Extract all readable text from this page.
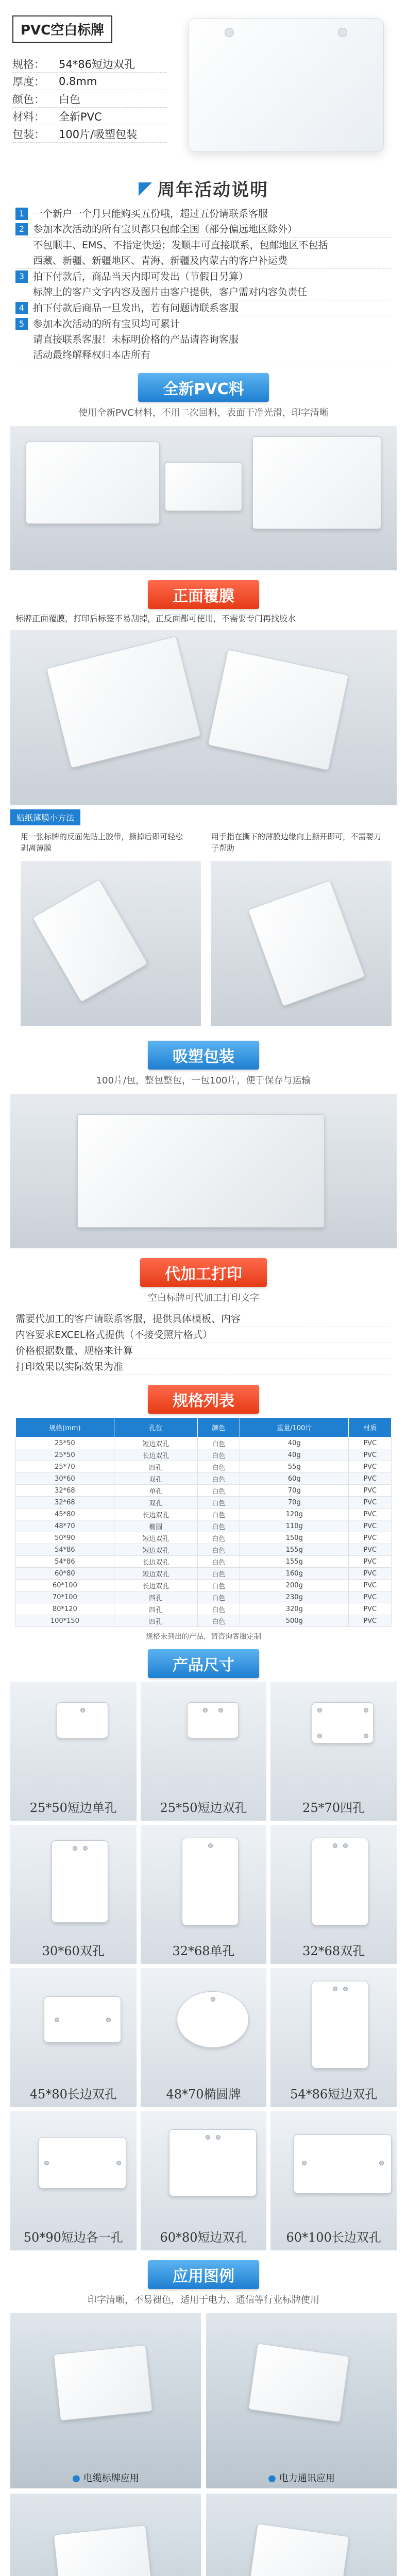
PVC空白标牌
规格：	54*86短边双孔
厚度：	0.8mm
颜色：	白色
材料：	全新PVC
包装：	100片/吸塑包装
◤ 周年活动说明
1 一个新户一个月只能购买五份哦，超过五份请联系客服
2 参加本次活动的所有宝贝都只包邮全国（部分偏远地区除外）
不包顺丰、EMS、不指定快递；发顺丰可直接联系，包邮地区不包括
西藏、新疆、新疆地区、青海、新疆及内蒙古的客户补运费
3 拍下付款后，商品当天内即可发出（节假日另算）
标牌上的客户文字内容及图片由客户提供，客户需对内容负责任
4 拍下付款后商品一旦发出，若有问题请联系客服
5 参加本次活动的所有宝贝均可累计
请直接联系客服！未标明价格的产品请咨询客服
活动最终解释权归本店所有
全新PVC料
使用全新PVC材料，不用二次回料，表面干净光滑，印字清晰
正面覆膜
标牌正面覆膜，打印后标签不易刮掉，正反面都可使用，不需要专门再找胶水
贴纸薄膜小方法
用一张标牌的反面先贴上胶带，撕掉后即可轻松剥离薄膜
用手指在撕下的薄膜边缘向上撕开即可，不需要刀子帮助
吸塑包装
100片/包，整包整包，一包100片，便于保存与运输
代加工打印
空白标牌可代加工打印文字
需要代加工的客户请联系客服，提供具体模板、内容
内容要求EXCEL格式提供（不接受照片格式）
价格根据数量、规格来计算
打印效果以实际效果为准
规格列表
规格(mm)	孔位	颜色	重量/100片	材质
25*50	短边双孔	白色	40g	PVC
25*50	长边双孔	白色	40g	PVC
25*70	四孔	白色	55g	PVC
30*60	双孔	白色	60g	PVC
32*68	单孔	白色	70g	PVC
32*68	双孔	白色	70g	PVC
45*80	长边双孔	白色	120g	PVC
48*70	椭圆	白色	110g	PVC
50*90	短边双孔	白色	150g	PVC
54*86	短边双孔	白色	155g	PVC
54*86	长边双孔	白色	155g	PVC
60*80	短边双孔	白色	160g	PVC
60*100	长边双孔	白色	200g	PVC
70*100	四孔	白色	230g	PVC
80*120	四孔	白色	320g	PVC
100*150	四孔	白色	500g	PVC
规格未列出的产品，请咨询客服定制
产品尺寸
25*50短边单孔	25*50短边双孔	25*70四孔
30*60双孔	32*68单孔	32*68双孔
45*80长边双孔	48*70椭圆牌	54*86短边双孔
50*90短边各一孔	60*80短边双孔	60*100长边双孔
应用图例
印字清晰，不易褪色，适用于电力、通信等行业标牌使用
● 电缆标牌应用	● 电力通讯应用
